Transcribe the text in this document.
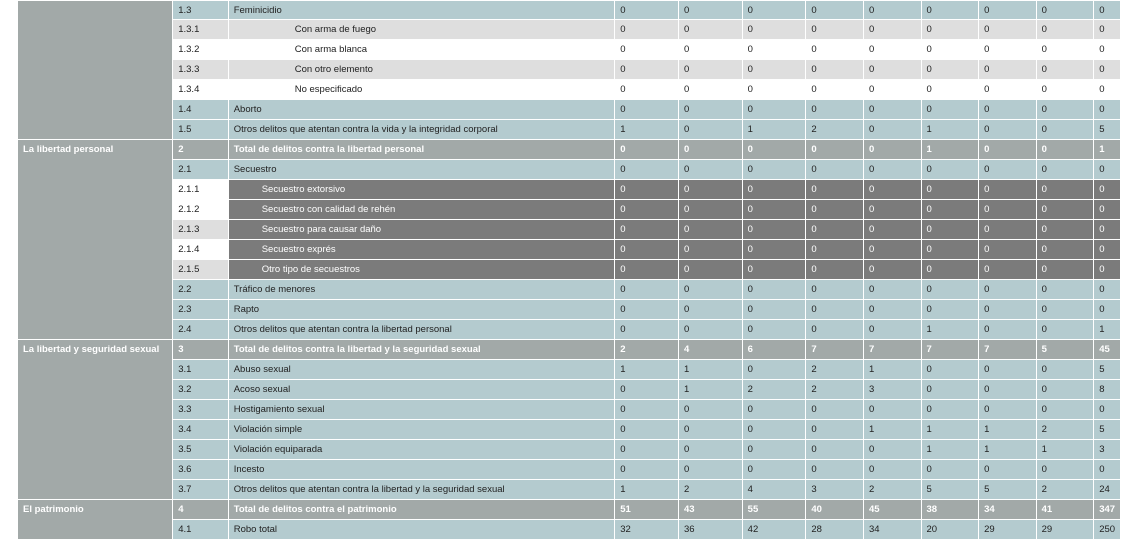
	1.3	Feminicidio	0	0	0	0	0	0	0	0	0
	1.3.1	Con arma de fuego	0	0	0	0	0	0	0	0	0
	1.3.2	Con arma blanca	0	0	0	0	0	0	0	0	0
	1.3.3	Con otro elemento	0	0	0	0	0	0	0	0	0
	1.3.4	No especificado	0	0	0	0	0	0	0	0	0
	1.4	Aborto	0	0	0	0	0	0	0	0	0
	1.5	Otros delitos que atentan contra la vida y la integridad corporal	1	0	1	2	0	1	0	0	5
La libertad personal	2	Total de delitos contra la libertad personal	0	0	0	0	0	1	0	0	1
	2.1	Secuestro	0	0	0	0	0	0	0	0	0
	2.1.1	Secuestro extorsivo	0	0	0	0	0	0	0	0	0
	2.1.2	Secuestro con calidad de rehén	0	0	0	0	0	0	0	0	0
	2.1.3	Secuestro para causar daño	0	0	0	0	0	0	0	0	0
	2.1.4	Secuestro exprés	0	0	0	0	0	0	0	0	0
	2.1.5	Otro tipo de secuestros	0	0	0	0	0	0	0	0	0
	2.2	Tráfico de menores	0	0	0	0	0	0	0	0	0
	2.3	Rapto	0	0	0	0	0	0	0	0	0
	2.4	Otros delitos que atentan contra la libertad personal	0	0	0	0	0	1	0	0	1
La libertad y seguridad sexual	3	Total de delitos contra la libertad y la seguridad sexual	2	4	6	7	7	7	7	5	45
	3.1	Abuso sexual	1	1	0	2	1	0	0	0	5
	3.2	Acoso sexual	0	1	2	2	3	0	0	0	8
	3.3	Hostigamiento sexual	0	0	0	0	0	0	0	0	0
	3.4	Violación simple	0	0	0	0	1	1	1	2	5
	3.5	Violación equiparada	0	0	0	0	0	1	1	1	3
	3.6	Incesto	0	0	0	0	0	0	0	0	0
	3.7	Otros delitos que atentan contra la libertad y la seguridad sexual	1	2	4	3	2	5	5	2	24
El patrimonio	4	Total de delitos contra el patrimonio	51	43	55	40	45	38	34	41	347
	4.1	Robo total	32	36	42	28	34	20	29	29	250
